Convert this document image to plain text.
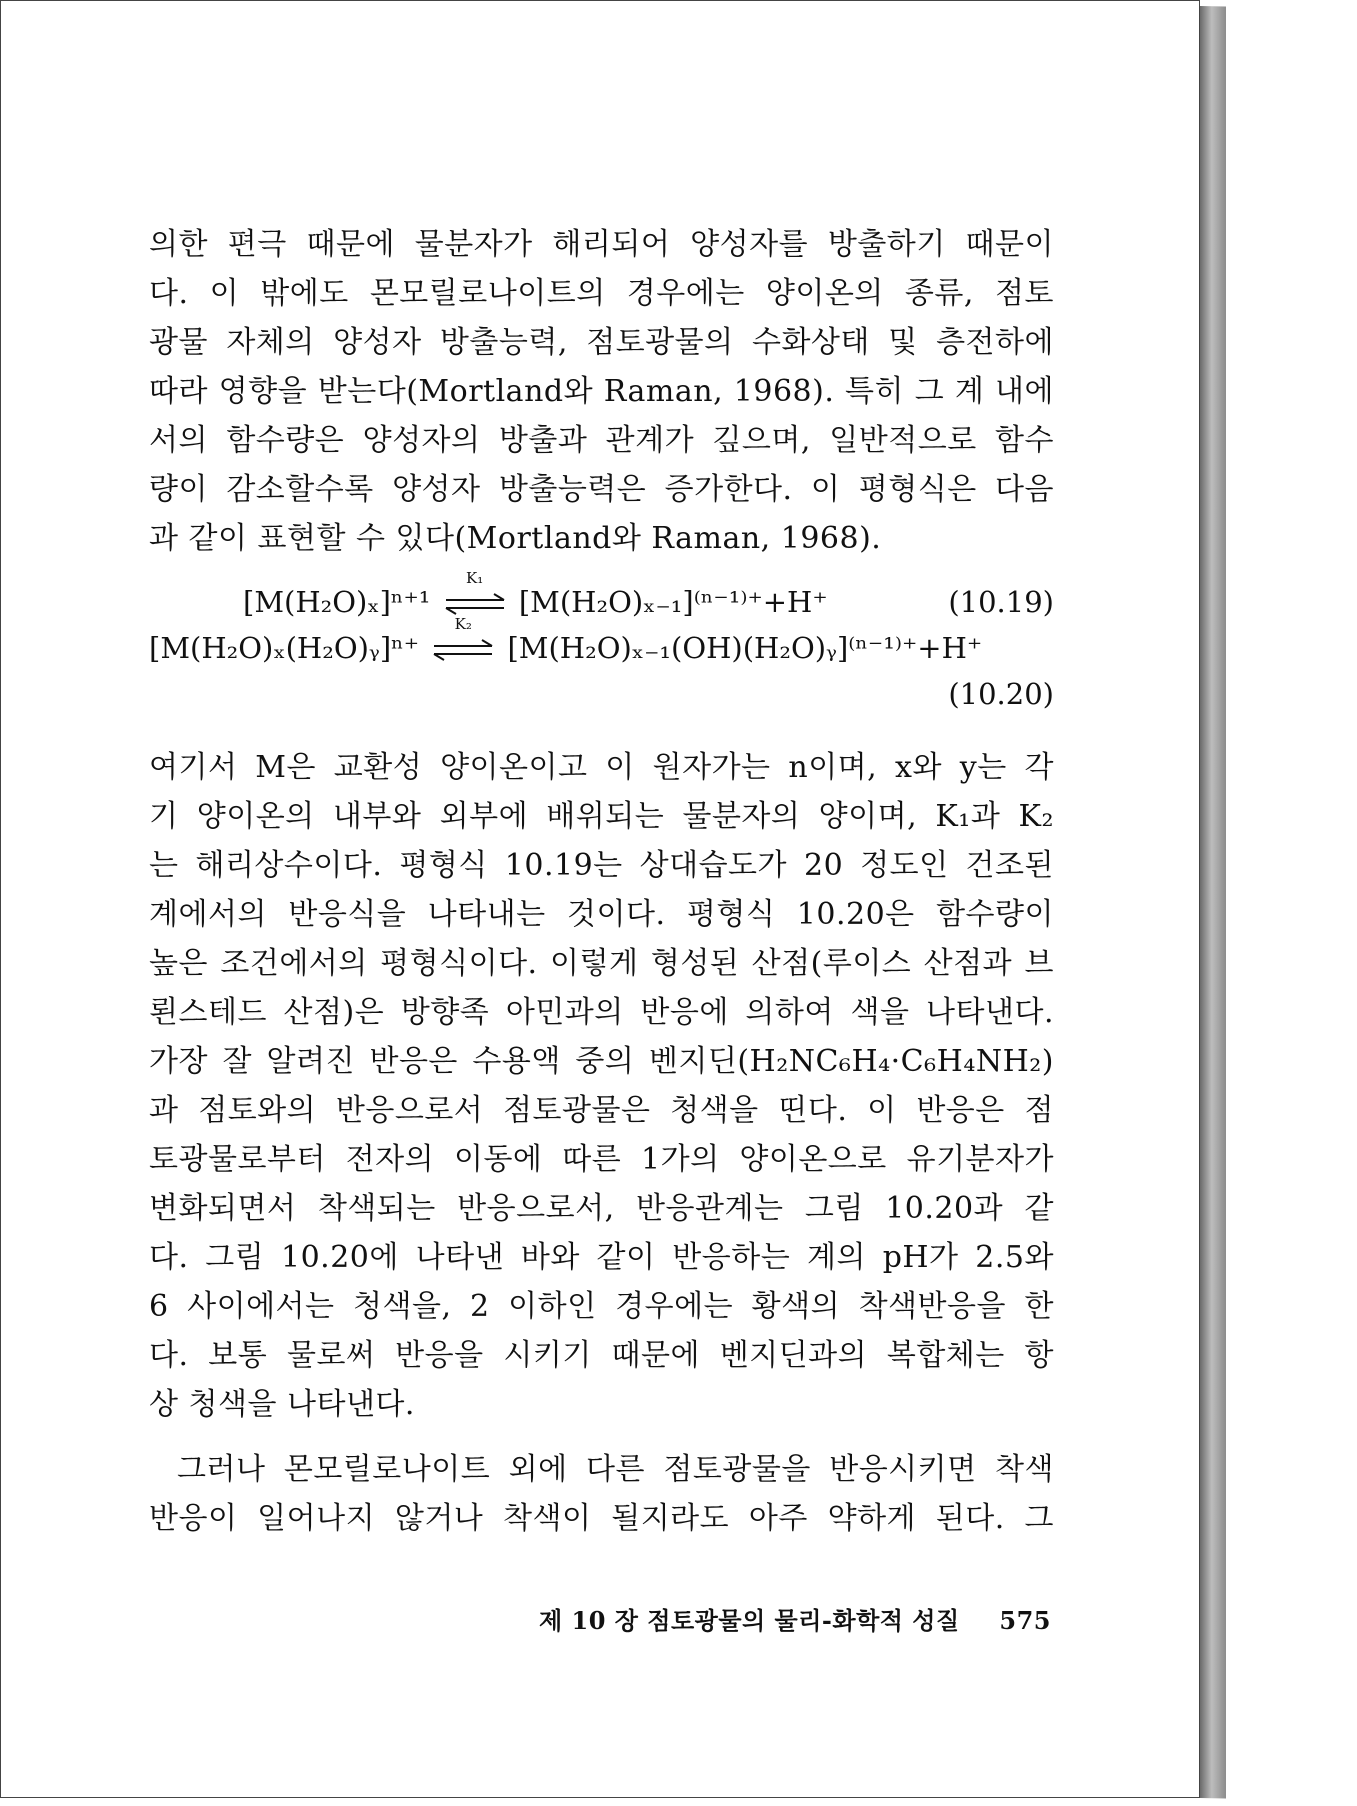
의한 편극 때문에 물분자가 해리되어 양성자를 방출하기 때문이
다. 이 밖에도 몬모릴로나이트의 경우에는 양이온의 종류, 점토
광물 자체의 양성자 방출능력, 점토광물의 수화상태 및 층전하에
따라 영향을 받는다(Mortland와 Raman, 1968). 특히 그 계 내에
서의 함수량은 양성자의 방출과 관계가 깊으며, 일반적으로 함수
량이 감소할수록 양성자 방출능력은 증가한다. 이 평형식은 다음
과 같이 표현할 수 있다(Mortland와 Raman, 1968).
[M(H₂O)ₓ]ⁿ⁺¹
K₁
[M(H₂O)ₓ₋₁]⁽ⁿ⁻¹⁾⁺+H⁺	(10.19)
[M(H₂O)ₓ(H₂O)ᵧ]ⁿ⁺
K₂
[M(H₂O)ₓ₋₁(OH)(H₂O)ᵧ]⁽ⁿ⁻¹⁾⁺+H⁺
(10.20)
여기서 M은 교환성 양이온이고 이 원자가는 n이며, x와 y는 각
기 양이온의 내부와 외부에 배위되는 물분자의 양이며, K₁과 K₂
는 해리상수이다. 평형식 10.19는 상대습도가 20 정도인 건조된
계에서의 반응식을 나타내는 것이다. 평형식 10.20은 함수량이
높은 조건에서의 평형식이다. 이렇게 형성된 산점(루이스 산점과 브
뢴스테드 산점)은 방향족 아민과의 반응에 의하여 색을 나타낸다.
가장 잘 알려진 반응은 수용액 중의 벤지딘(H₂NC₆H₄·C₆H₄NH₂)
과 점토와의 반응으로서 점토광물은 청색을 띤다. 이 반응은 점
토광물로부터 전자의 이동에 따른 1가의 양이온으로 유기분자가
변화되면서 착색되는 반응으로서, 반응관계는 그림 10.20과 같
다. 그림 10.20에 나타낸 바와 같이 반응하는 계의 pH가 2.5와
6 사이에서는 청색을, 2 이하인 경우에는 황색의 착색반응을 한
다. 보통 물로써 반응을 시키기 때문에 벤지딘과의 복합체는 항
상 청색을 나타낸다.
그러나 몬모릴로나이트 외에 다른 점토광물을 반응시키면 착색
반응이 일어나지 않거나 착색이 될지라도 아주 약하게 된다. 그
제 10 장 점토광물의 물리-화학적 성질 575
